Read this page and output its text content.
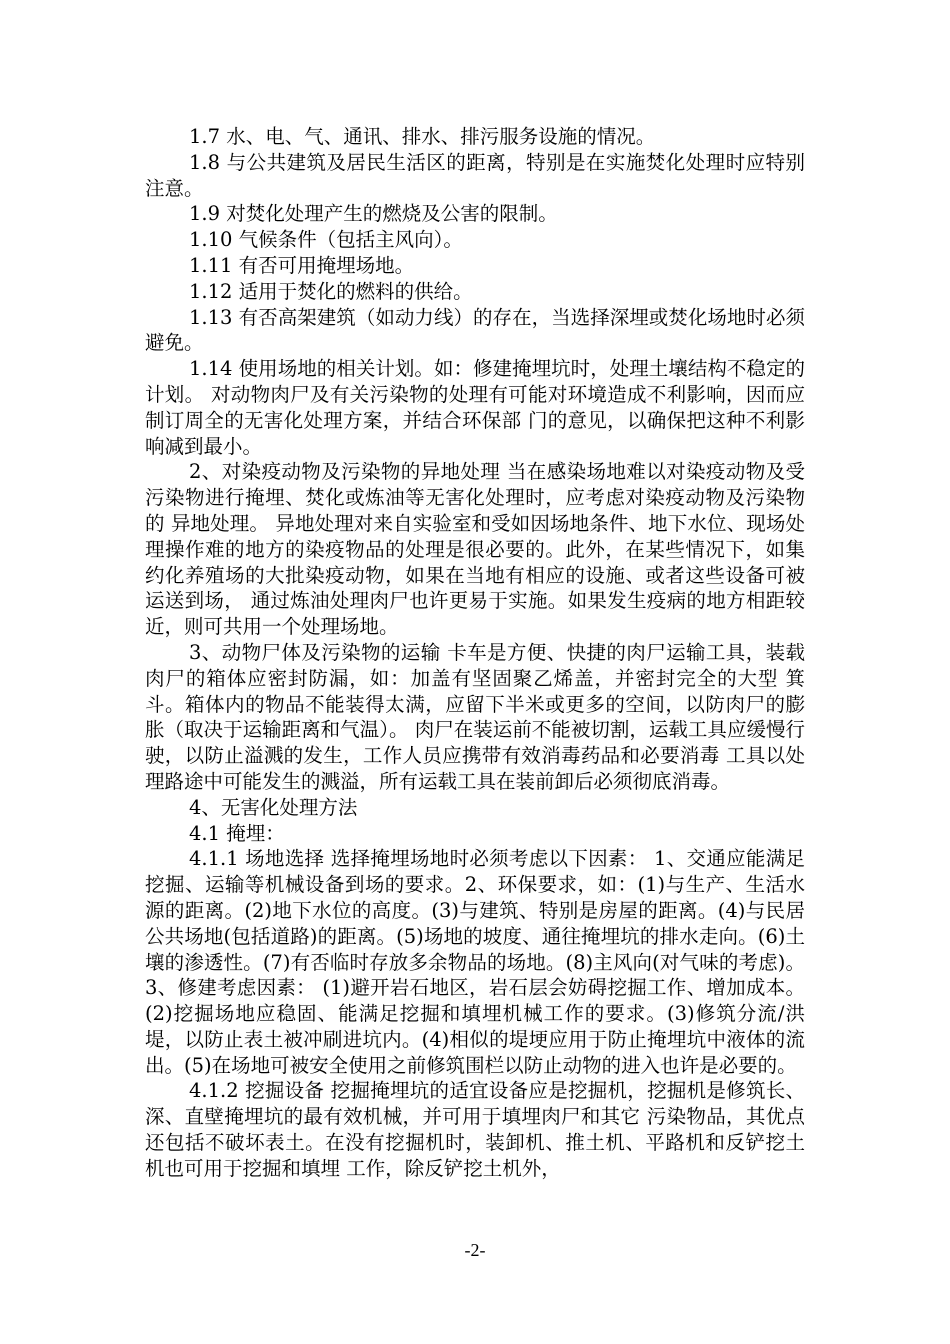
1.7 水、电、气、通讯、排水、排污服务设施的情况。

1.8 与公共建筑及居民生活区的距离，特别是在实施焚化处理时应特别注意。

1.9 对焚化处理产生的燃烧及公害的限制。

1.10 气候条件（包括主风向）。

1.11 有否可用掩埋场地。

1.12 适用于焚化的燃料的供给。

1.13 有否高架建筑（如动力线）的存在，当选择深埋或焚化场地时必须避免。

1.14 使用场地的相关计划。如：修建掩埋坑时，处理土壤结构不稳定的计划。 对动物肉尸及有关污染物的处理有可能对环境造成不利影响，因而应制订周全的无害化处理方案，并结合环保部 门的意见，以确保把这种不利影响减到最小。

2、对染疫动物及污染物的异地处理 当在感染场地难以对染疫动物及受污染物进行掩埋、焚化或炼油等无害化处理时，应考虑对染疫动物及污染物的 异地处理。 异地处理对来自实验室和受如因场地条件、地下水位、现场处理操作难的地方的染疫物品的处理是很必要的。此外，在某些情况下，如集约化养殖场的大批染疫动物，如果在当地有相应的设施、或者这些设备可被运送到场， 通过炼油处理肉尸也许更易于实施。如果发生疫病的地方相距较近，则可共用一个处理场地。

3、动物尸体及污染物的运输 卡车是方便、快捷的肉尸运输工具，装载肉尸的箱体应密封防漏，如：加盖有坚固聚乙烯盖，并密封完全的大型 箕斗。箱体内的物品不能装得太满，应留下半米或更多的空间，以防肉尸的膨胀（取决于运输距离和气温）。 肉尸在装运前不能被切割，运载工具应缓慢行驶，以防止溢溅的发生，工作人员应携带有效消毒药品和必要消毒 工具以处理路途中可能发生的溅溢，所有运载工具在装前卸后必须彻底消毒。

4、无害化处理方法

4.1 掩埋：

4.1.1 场地选择 选择掩埋场地时必须考虑以下因素： 1、交通应能满足挖掘、运输等机械设备到场的要求。2、环保要求，如：(1)与生产、生活水源的距离。(2)地下水位的高度。(3)与建筑、特别是房屋的距离。(4)与民居公共场地(包括道路)的距离。(5)场地的坡度、通往掩埋坑的排水走向。(6)土壤的渗透性。(7)有否临时存放多余物品的场地。(8)主风向(对气味的考虑)。3、修建考虑因素： (1)避开岩石地区，岩石层会妨碍挖掘工作、增加成本。(2)挖掘场地应稳固、能满足挖掘和填埋机械工作的要求。(3)修筑分流/洪堤，以防止表土被冲刷进坑内。(4)相似的堤埂应用于防止掩埋坑中液体的流出。(5)在场地可被安全使用之前修筑围栏以防止动物的进入也许是必要的。

4.1.2 挖掘设备 挖掘掩埋坑的适宜设备应是挖掘机，挖掘机是修筑长、深、直壁掩埋坑的最有效机械，并可用于填埋肉尸和其它 污染物品，其优点还包括不破坏表土。在没有挖掘机时，装卸机、推土机、平路机和反铲挖土机也可用于挖掘和填埋 工作，除反铲挖土机外，

-2-
